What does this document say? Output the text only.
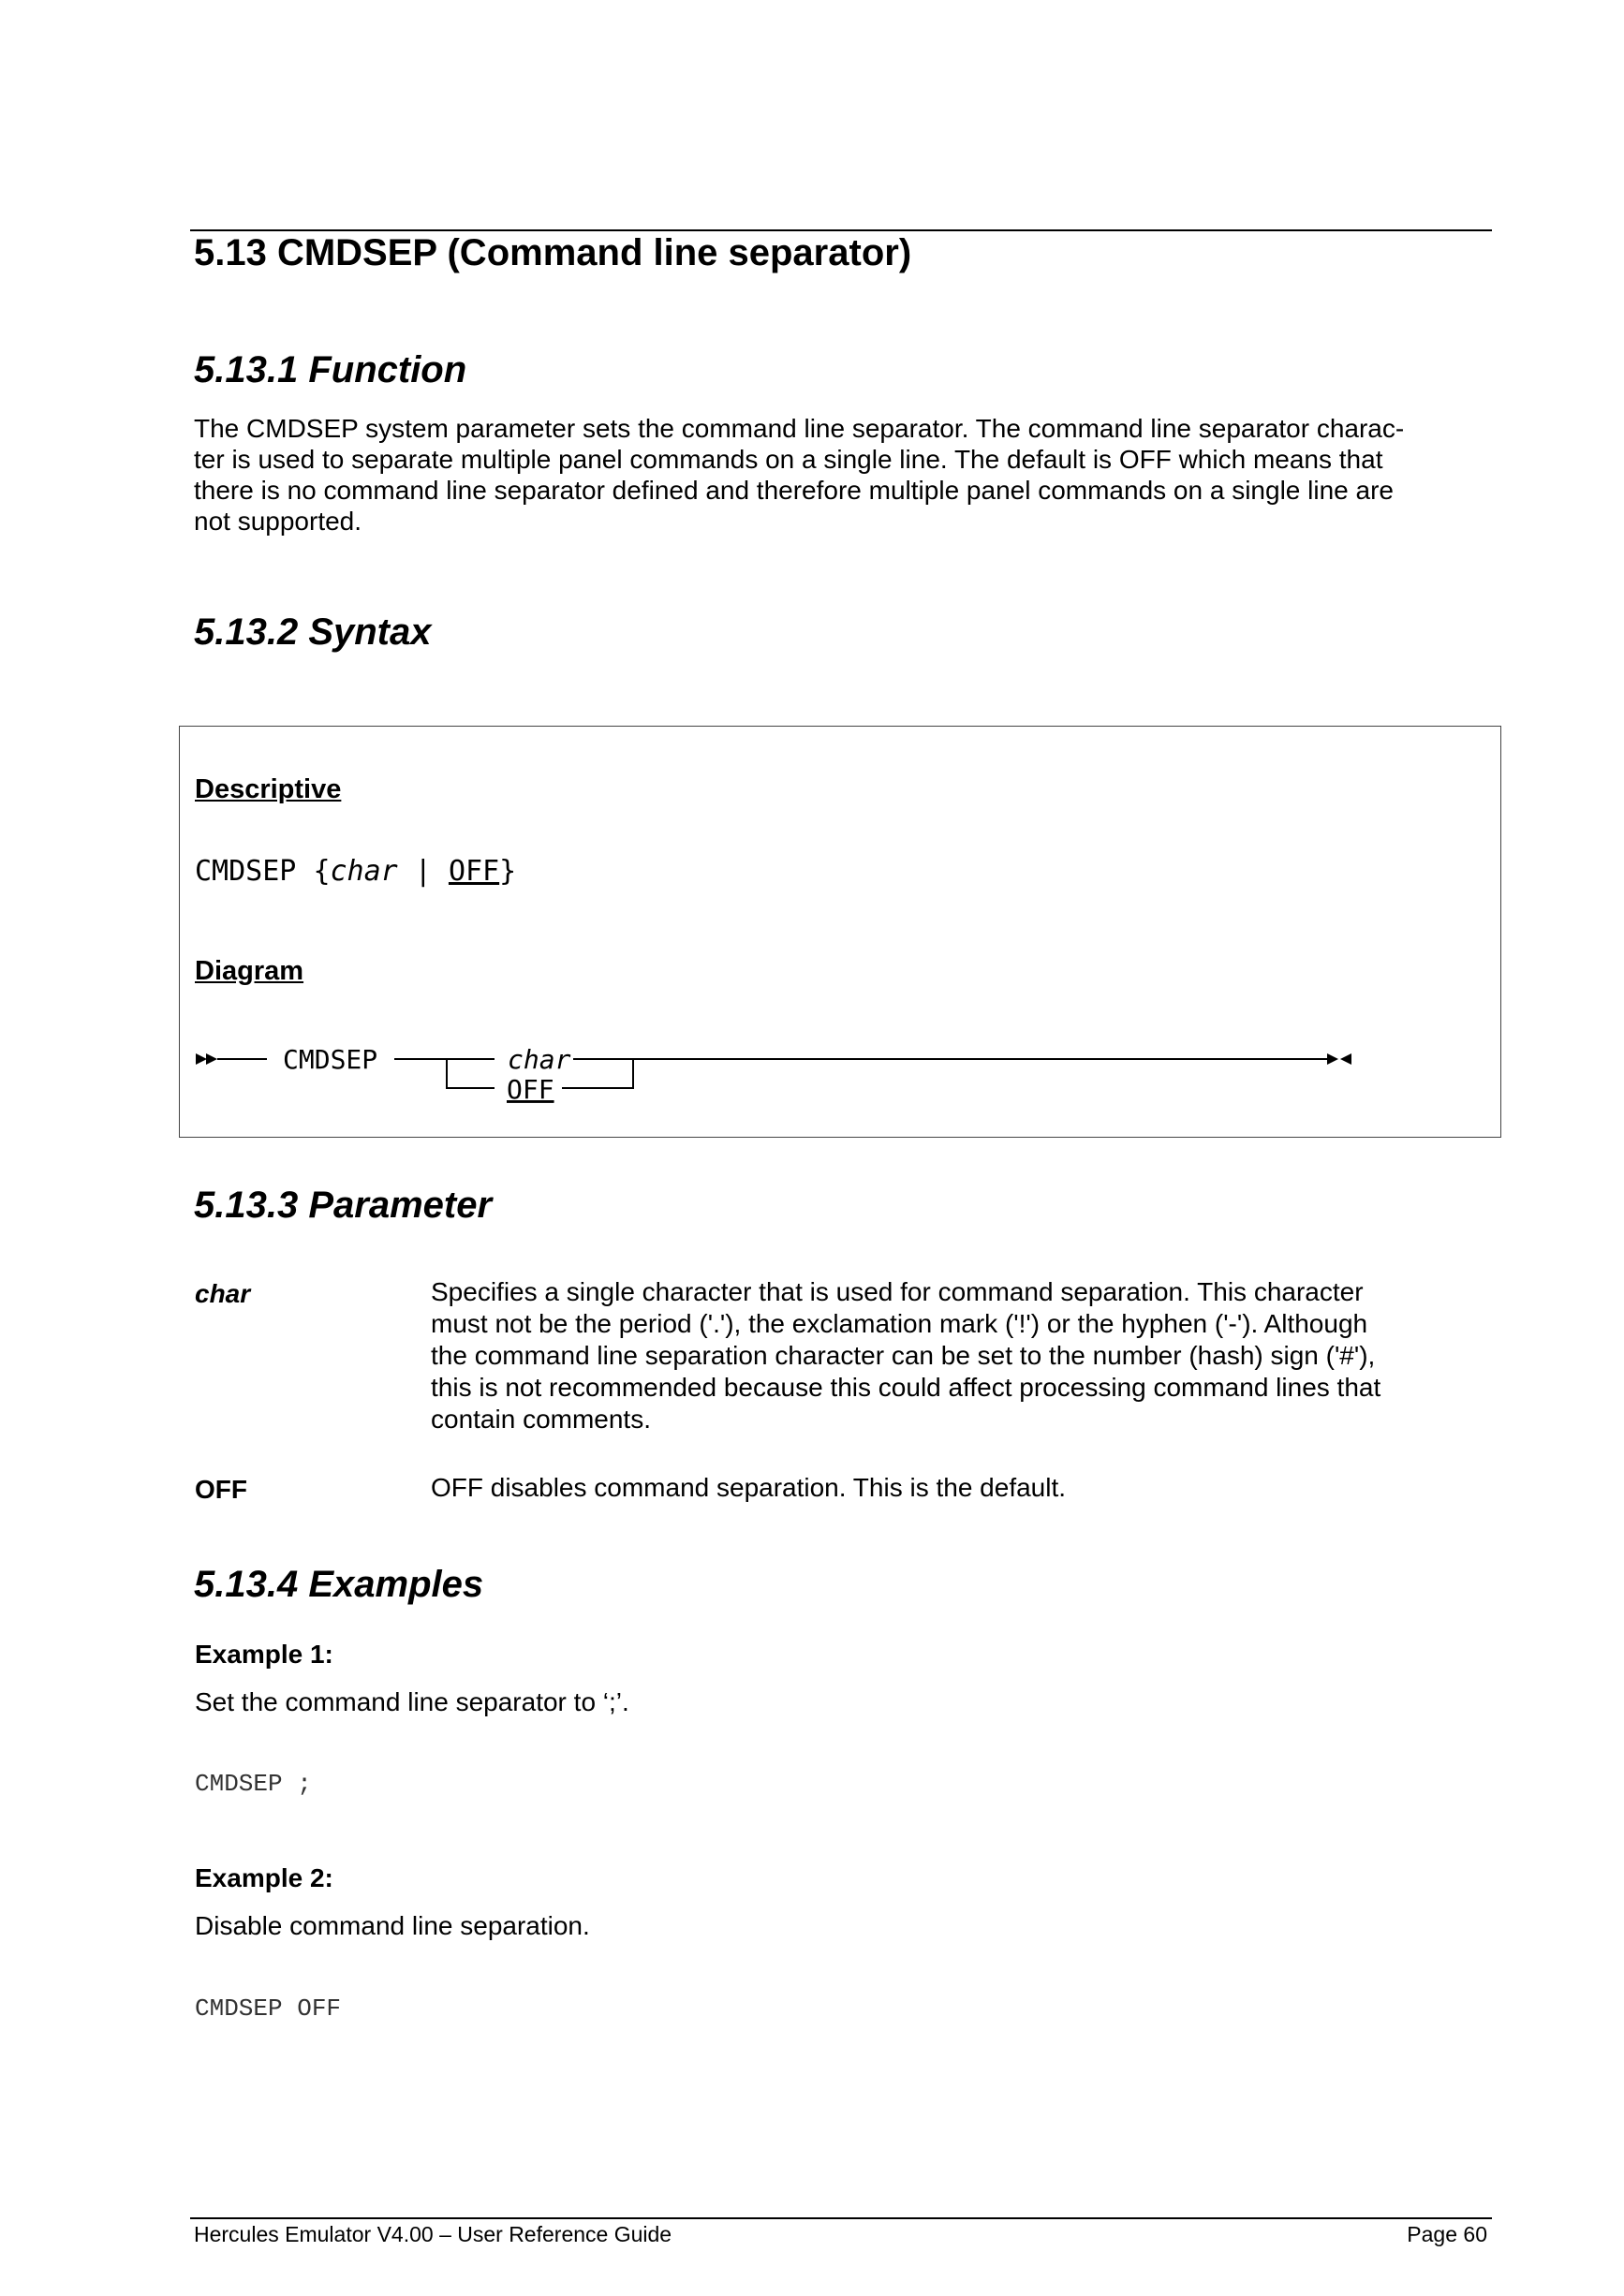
5.13 CMDSEP (Command line separator)
5.13.1 Function
The CMDSEP system parameter sets the command line separator. The command line separator charac-
ter is used to separate multiple panel commands on a single line. The default is OFF which means that
there is no command line separator defined and therefore multiple panel commands on a single line are
not supported.
5.13.2 Syntax
Descriptive
CMDSEP {char | OFF}
Diagram
CMDSEP	char
OFF
5.13.3 Parameter
char	Specifies a single character that is used for command separation. This character
must not be the period ('.'), the exclamation mark ('!') or the hyphen ('-'). Although
the command line separation character can be set to the number (hash) sign ('#'),
this is not recommended because this could affect processing command lines that
contain comments.
OFF	OFF disables command separation. This is the default.
5.13.4 Examples
Example 1:
Set the command line separator to ‘;’.
CMDSEP ;
Example 2:
Disable command line separation.
CMDSEP OFF
Hercules Emulator V4.00 – User Reference Guide	Page 60
